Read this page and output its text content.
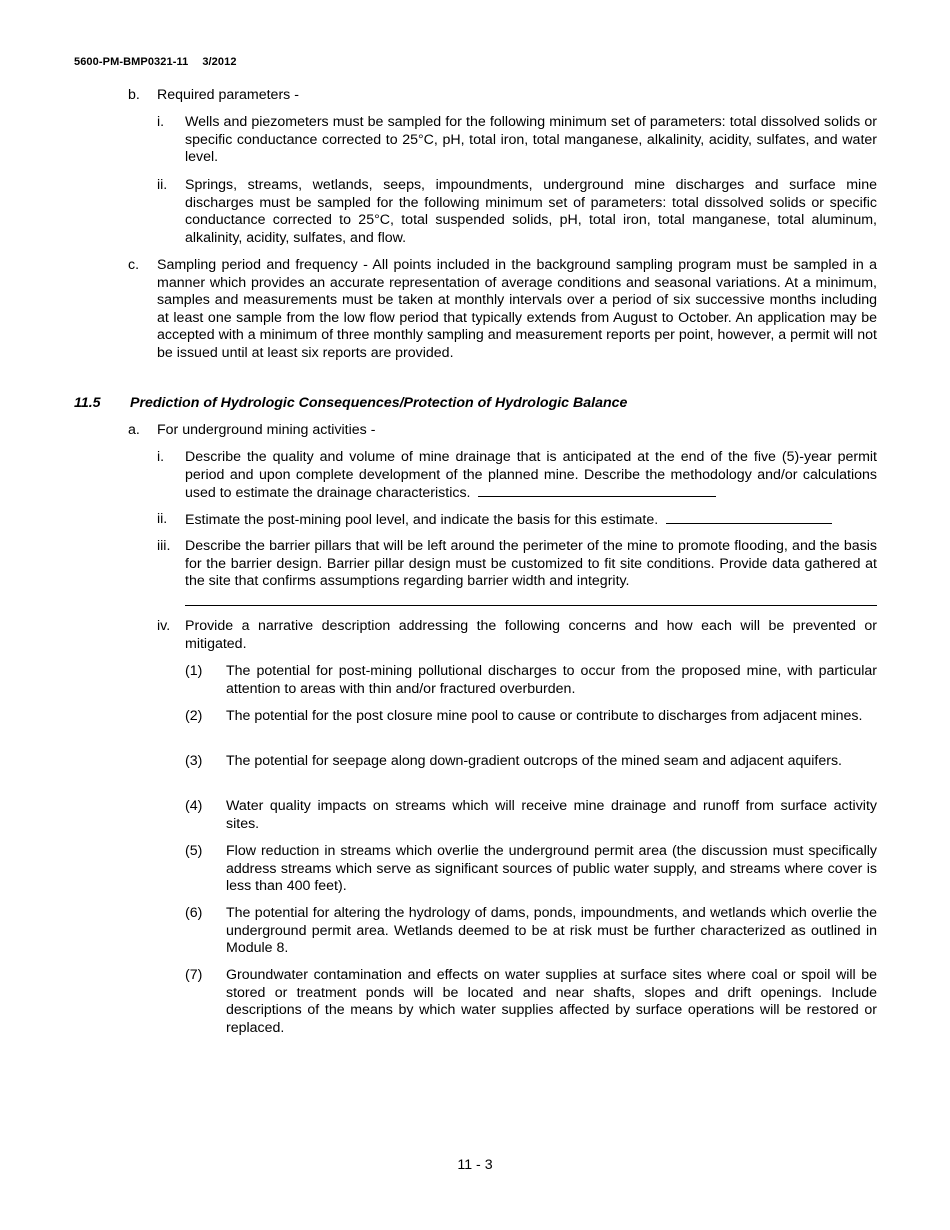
5600-PM-BMP0321-11 3/2012
b. Required parameters -
i. Wells and piezometers must be sampled for the following minimum set of parameters: total dissolved solids or specific conductance corrected to 25°C, pH, total iron, total manganese, alkalinity, acidity, sulfates, and water level.
ii. Springs, streams, wetlands, seeps, impoundments, underground mine discharges and surface mine discharges must be sampled for the following minimum set of parameters: total dissolved solids or specific conductance corrected to 25°C, total suspended solids, pH, total iron, total manganese, total aluminum, alkalinity, acidity, sulfates, and flow.
c. Sampling period and frequency - All points included in the background sampling program must be sampled in a manner which provides an accurate representation of average conditions and seasonal variations. At a minimum, samples and measurements must be taken at monthly intervals over a period of six successive months including at least one sample from the low flow period that typically extends from August to October. An application may be accepted with a minimum of three monthly sampling and measurement reports per point, however, a permit will not be issued until at least six reports are provided.
11.5 Prediction of Hydrologic Consequences/Protection of Hydrologic Balance
a. For underground mining activities -
i. Describe the quality and volume of mine drainage that is anticipated at the end of the five (5)-year permit period and upon complete development of the planned mine. Describe the methodology and/or calculations used to estimate the drainage characteristics.
ii. Estimate the post-mining pool level, and indicate the basis for this estimate.
iii. Describe the barrier pillars that will be left around the perimeter of the mine to promote flooding, and the basis for the barrier design. Barrier pillar design must be customized to fit site conditions. Provide data gathered at the site that confirms assumptions regarding barrier width and integrity.
iv. Provide a narrative description addressing the following concerns and how each will be prevented or mitigated.
(1) The potential for post-mining pollutional discharges to occur from the proposed mine, with particular attention to areas with thin and/or fractured overburden.
(2) The potential for the post closure mine pool to cause or contribute to discharges from adjacent mines.
(3) The potential for seepage along down-gradient outcrops of the mined seam and adjacent aquifers.
(4) Water quality impacts on streams which will receive mine drainage and runoff from surface activity sites.
(5) Flow reduction in streams which overlie the underground permit area (the discussion must specifically address streams which serve as significant sources of public water supply, and streams where cover is less than 400 feet).
(6) The potential for altering the hydrology of dams, ponds, impoundments, and wetlands which overlie the underground permit area. Wetlands deemed to be at risk must be further characterized as outlined in Module 8.
(7) Groundwater contamination and effects on water supplies at surface sites where coal or spoil will be stored or treatment ponds will be located and near shafts, slopes and drift openings. Include descriptions of the means by which water supplies affected by surface operations will be restored or replaced.
11 - 3
